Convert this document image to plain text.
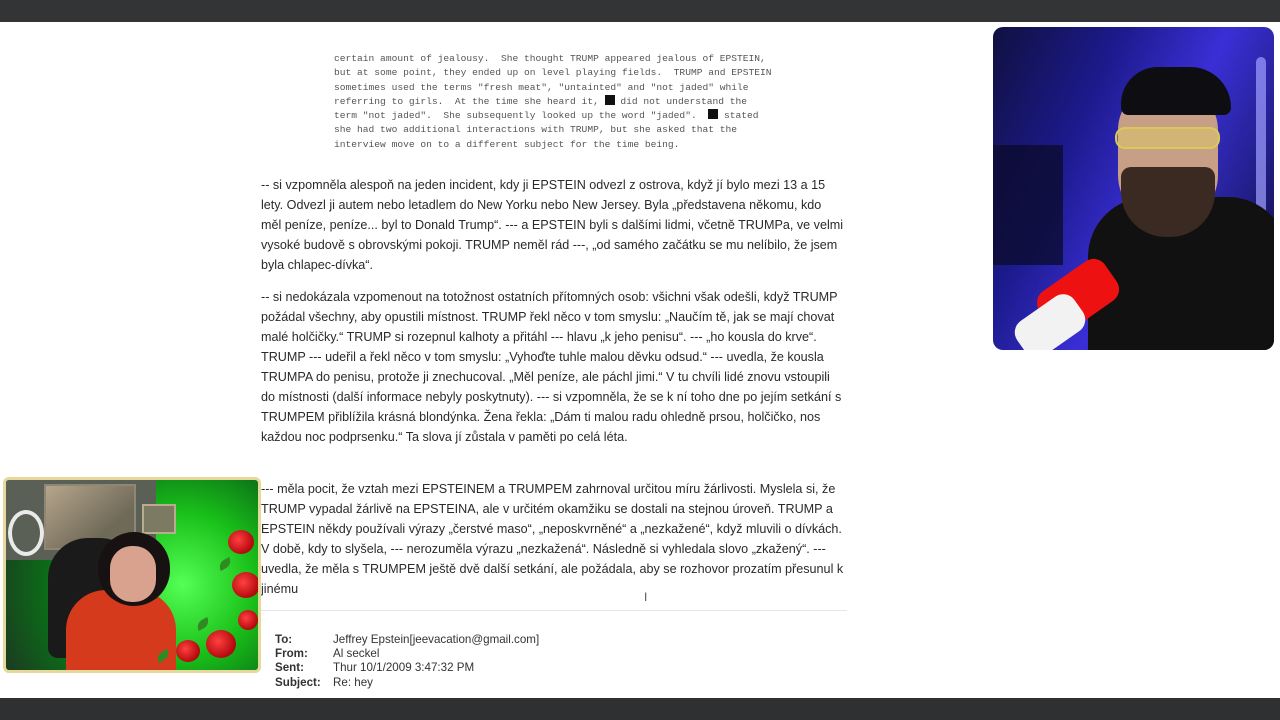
certain amount of jealousy.  She thought TRUMP appeared jealous of EPSTEIN,
but at some point, they ended up on level playing fields.  TRUMP and EPSTEIN
sometimes used the terms "fresh meat", "untainted" and "not jaded" while
referring to girls.  At the time she heard it,  did not understand the
term "not jaded".  She subsequently looked up the word "jaded".   stated
she had two additional interactions with TRUMP, but she asked that the
interview move on to a different subject for the time being.

-- si vzpomněla alespoň na jeden incident, kdy ji EPSTEIN odvezl z ostrova, když jí bylo mezi 13 a 15 lety. Odvezl ji autem nebo letadlem do New Yorku nebo New Jersey. Byla „představena někomu, kdo měl peníze, peníze... byl to Donald Trump“. --- a EPSTEIN byli s dalšími lidmi, včetně TRUMPa, ve velmi vysoké budově s obrovskými pokoji. TRUMP neměl rád ---, „od samého začátku se mu nelíbilo, že jsem byla chlapec-dívka“.

-- si nedokázala vzpomenout na totožnost ostatních přítomných osob: všichni však odešli, když TRUMP požádal všechny, aby opustili místnost. TRUMP řekl něco v tom smyslu: „Naučím tě, jak se mají chovat malé holčičky.“ TRUMP si rozepnul kalhoty a přitáhl --- hlavu „k jeho penisu“. --- „ho kousla do krve“. TRUMP --- udeřil a řekl něco v tom smyslu: „Vyhoďte tuhle malou děvku odsud.“ --- uvedla, že kousla TRUMPA do penisu, protože ji znechucoval. „Měl peníze, ale páchl jimi.“ V tu chvíli lidé znovu vstoupili do místnosti (další informace nebyly poskytnuty). --- si vzpomněla, že se k ní toho dne po jejím setkání s TRUMPEM přiblížila krásná blondýnka. Žena řekla: „Dám ti malou radu ohledně prsou, holčičko, nos každou noc podprsenku.“ Ta slova jí zůstala v paměti po celá léta.

--- měla pocit, že vztah mezi EPSTEINEM a TRUMPEM zahrnoval určitou míru žárlivosti. Myslela si, že TRUMP vypadal žárlivě na EPSTEINA, ale v určitém okamžiku se dostali na stejnou úroveň. TRUMP a EPSTEIN někdy používali výrazy „čerstvé maso“, „neposkvrněné“ a „nezkažené“, když mluvili o dívkách. V době, kdy to slyšela, --- nerozuměla výrazu „nezkažená“. Následně si vyhledala slovo „zkažený“. --- uvedla, že měla s TRUMPEM ještě dvě další setkání, ale požádala, aby se rozhovor prozatím přesunul k jinému

I
To:	Jeffrey Epstein[jeevacation@gmail.com]
From:	Al seckel
Sent:	Thur 10/1/2009 3:47:32 PM
Subject:	Re: hey
